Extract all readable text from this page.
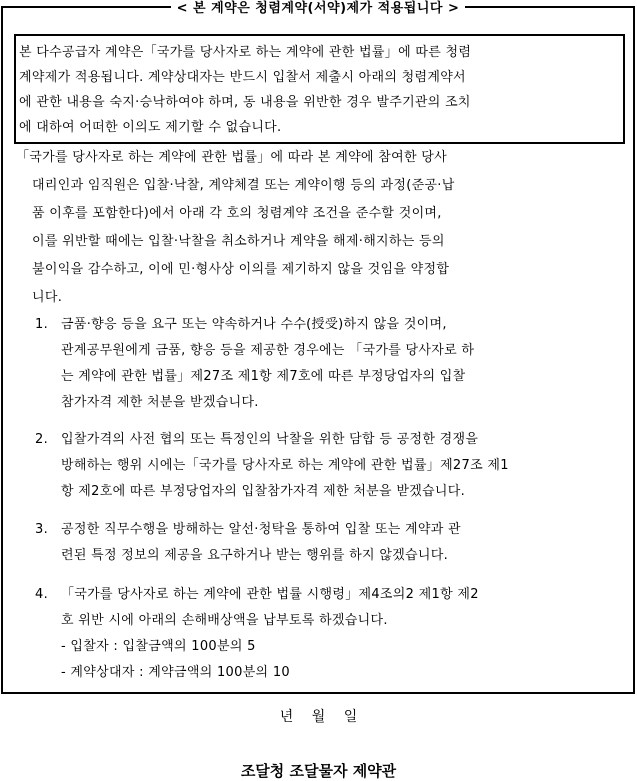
< 본 계약은 청렴계약(서약)제가 적용됩니다 >
본 다수공급자 계약은「국가를 당사자로 하는 계약에 관한 법률」에 따른 청렴
계약제가 적용됩니다. 계약상대자는 반드시 입찰서 제출시 아래의 청렴계약서
에 관한 내용을 숙지·승낙하여야 하며, 동 내용을 위반한 경우 발주기관의 조치
에 대하여 어떠한 이의도 제기할 수 없습니다.
「국가를 당사자로 하는 계약에 관한 법률」에 따라 본 계약에 참여한 당사
대리인과 임직원은 입찰·낙찰, 계약체결 또는 계약이행 등의 과정(준공·납
품 이후를 포함한다)에서 아래 각 호의 청렴계약 조건을 준수할 것이며,
이를 위반할 때에는 입찰·낙찰을 취소하거나 계약을 해제·해지하는 등의
불이익을 감수하고, 이에 민·형사상 이의를 제기하지 않을 것임을 약정합
니다.
1. 금품·향응 등을 요구 또는 약속하거나 수수(授受)하지 않을 것이며,
관계공무원에게 금품, 향응 등을 제공한 경우에는 「국가를 당사자로 하
는 계약에 관한 법률」제27조 제1항 제7호에 따른 부정당업자의 입찰
참가자격 제한 처분을 받겠습니다.
2. 입찰가격의 사전 협의 또는 특정인의 낙찰을 위한 담합 등 공정한 경쟁을
방해하는 행위 시에는「국가를 당사자로 하는 계약에 관한 법률」제27조 제1
항 제2호에 따른 부정당업자의 입찰참가자격 제한 처분을 받겠습니다.
3. 공정한 직무수행을 방해하는 알선·청탁을 통하여 입찰 또는 계약과 관
련된 특정 정보의 제공을 요구하거나 받는 행위를 하지 않겠습니다.
4. 「국가를 당사자로 하는 계약에 관한 법률 시행령」제4조의2 제1항 제2
호 위반 시에 아래의 손해배상액을 납부토록 하겠습니다.
- 입찰자 : 입찰금액의 100분의 5
- 계약상대자 : 계약금액의 100분의 10
년 월 일
조달청 조달물자 제약관
